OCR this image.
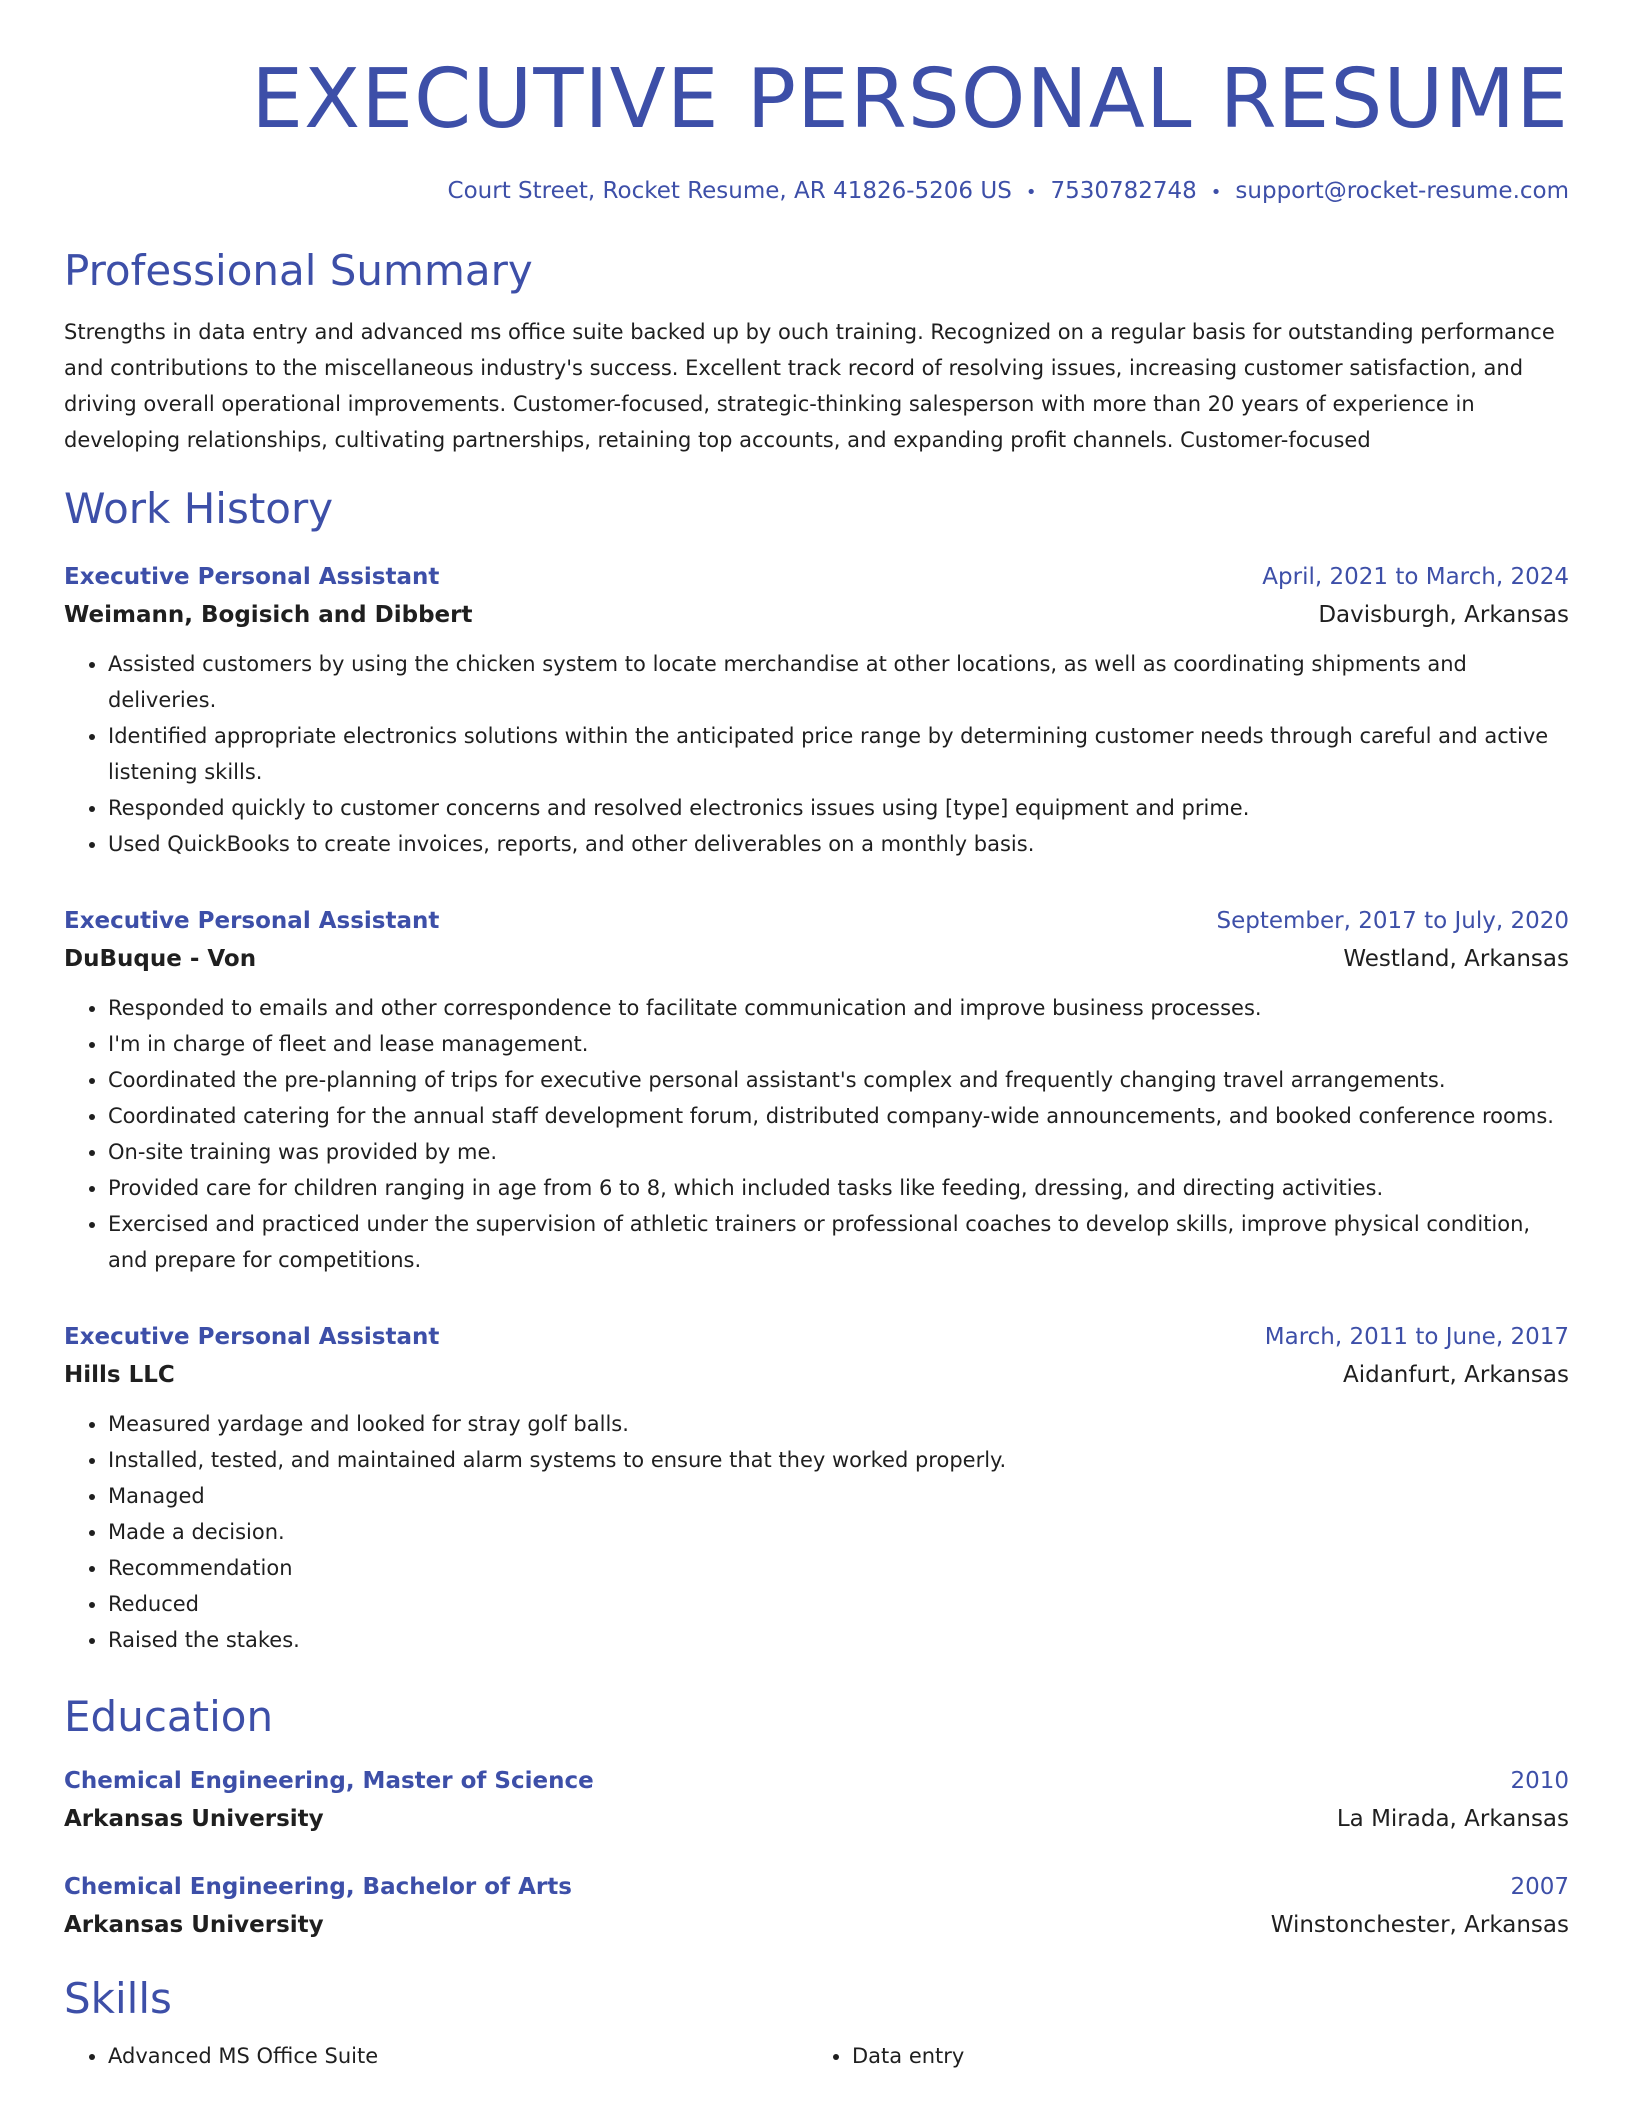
EXECUTIVE PERSONAL RESUME
Court Street, Rocket Resume, AR 41826-5206 US • 7530782748 • support@rocket-resume.com
Professional Summary
Strengths in data entry and advanced ms office suite backed up by ouch training. Recognized on a regular basis for outstanding performance and contributions to the miscellaneous industry's success. Excellent track record of resolving issues, increasing customer satisfaction, and driving overall operational improvements. Customer-focused, strategic-thinking salesperson with more than 20 years of experience in developing relationships, cultivating partnerships, retaining top accounts, and expanding profit channels. Customer-focused
Work History
Executive Personal Assistant	April, 2021 to March, 2024
Weimann, Bogisich and Dibbert	Davisburgh, Arkansas
• Assisted customers by using the chicken system to locate merchandise at other locations, as well as coordinating shipments and deliveries.
• Identified appropriate electronics solutions within the anticipated price range by determining customer needs through careful and active listening skills.
• Responded quickly to customer concerns and resolved electronics issues using [type] equipment and prime.
• Used QuickBooks to create invoices, reports, and other deliverables on a monthly basis.
Executive Personal Assistant	September, 2017 to July, 2020
DuBuque - Von	Westland, Arkansas
• Responded to emails and other correspondence to facilitate communication and improve business processes.
• I'm in charge of fleet and lease management.
• Coordinated the pre-planning of trips for executive personal assistant's complex and frequently changing travel arrangements.
• Coordinated catering for the annual staff development forum, distributed company-wide announcements, and booked conference rooms.
• On-site training was provided by me.
• Provided care for children ranging in age from 6 to 8, which included tasks like feeding, dressing, and directing activities.
• Exercised and practiced under the supervision of athletic trainers or professional coaches to develop skills, improve physical condition, and prepare for competitions.
Executive Personal Assistant	March, 2011 to June, 2017
Hills LLC	Aidanfurt, Arkansas
• Measured yardage and looked for stray golf balls.
• Installed, tested, and maintained alarm systems to ensure that they worked properly.
• Managed
• Made a decision.
• Recommendation
• Reduced
• Raised the stakes.
Education
Chemical Engineering, Master of Science	2010
Arkansas University	La Mirada, Arkansas
Chemical Engineering, Bachelor of Arts	2007
Arkansas University	Winstonchester, Arkansas
Skills
• Advanced MS Office Suite
•	Data entry
